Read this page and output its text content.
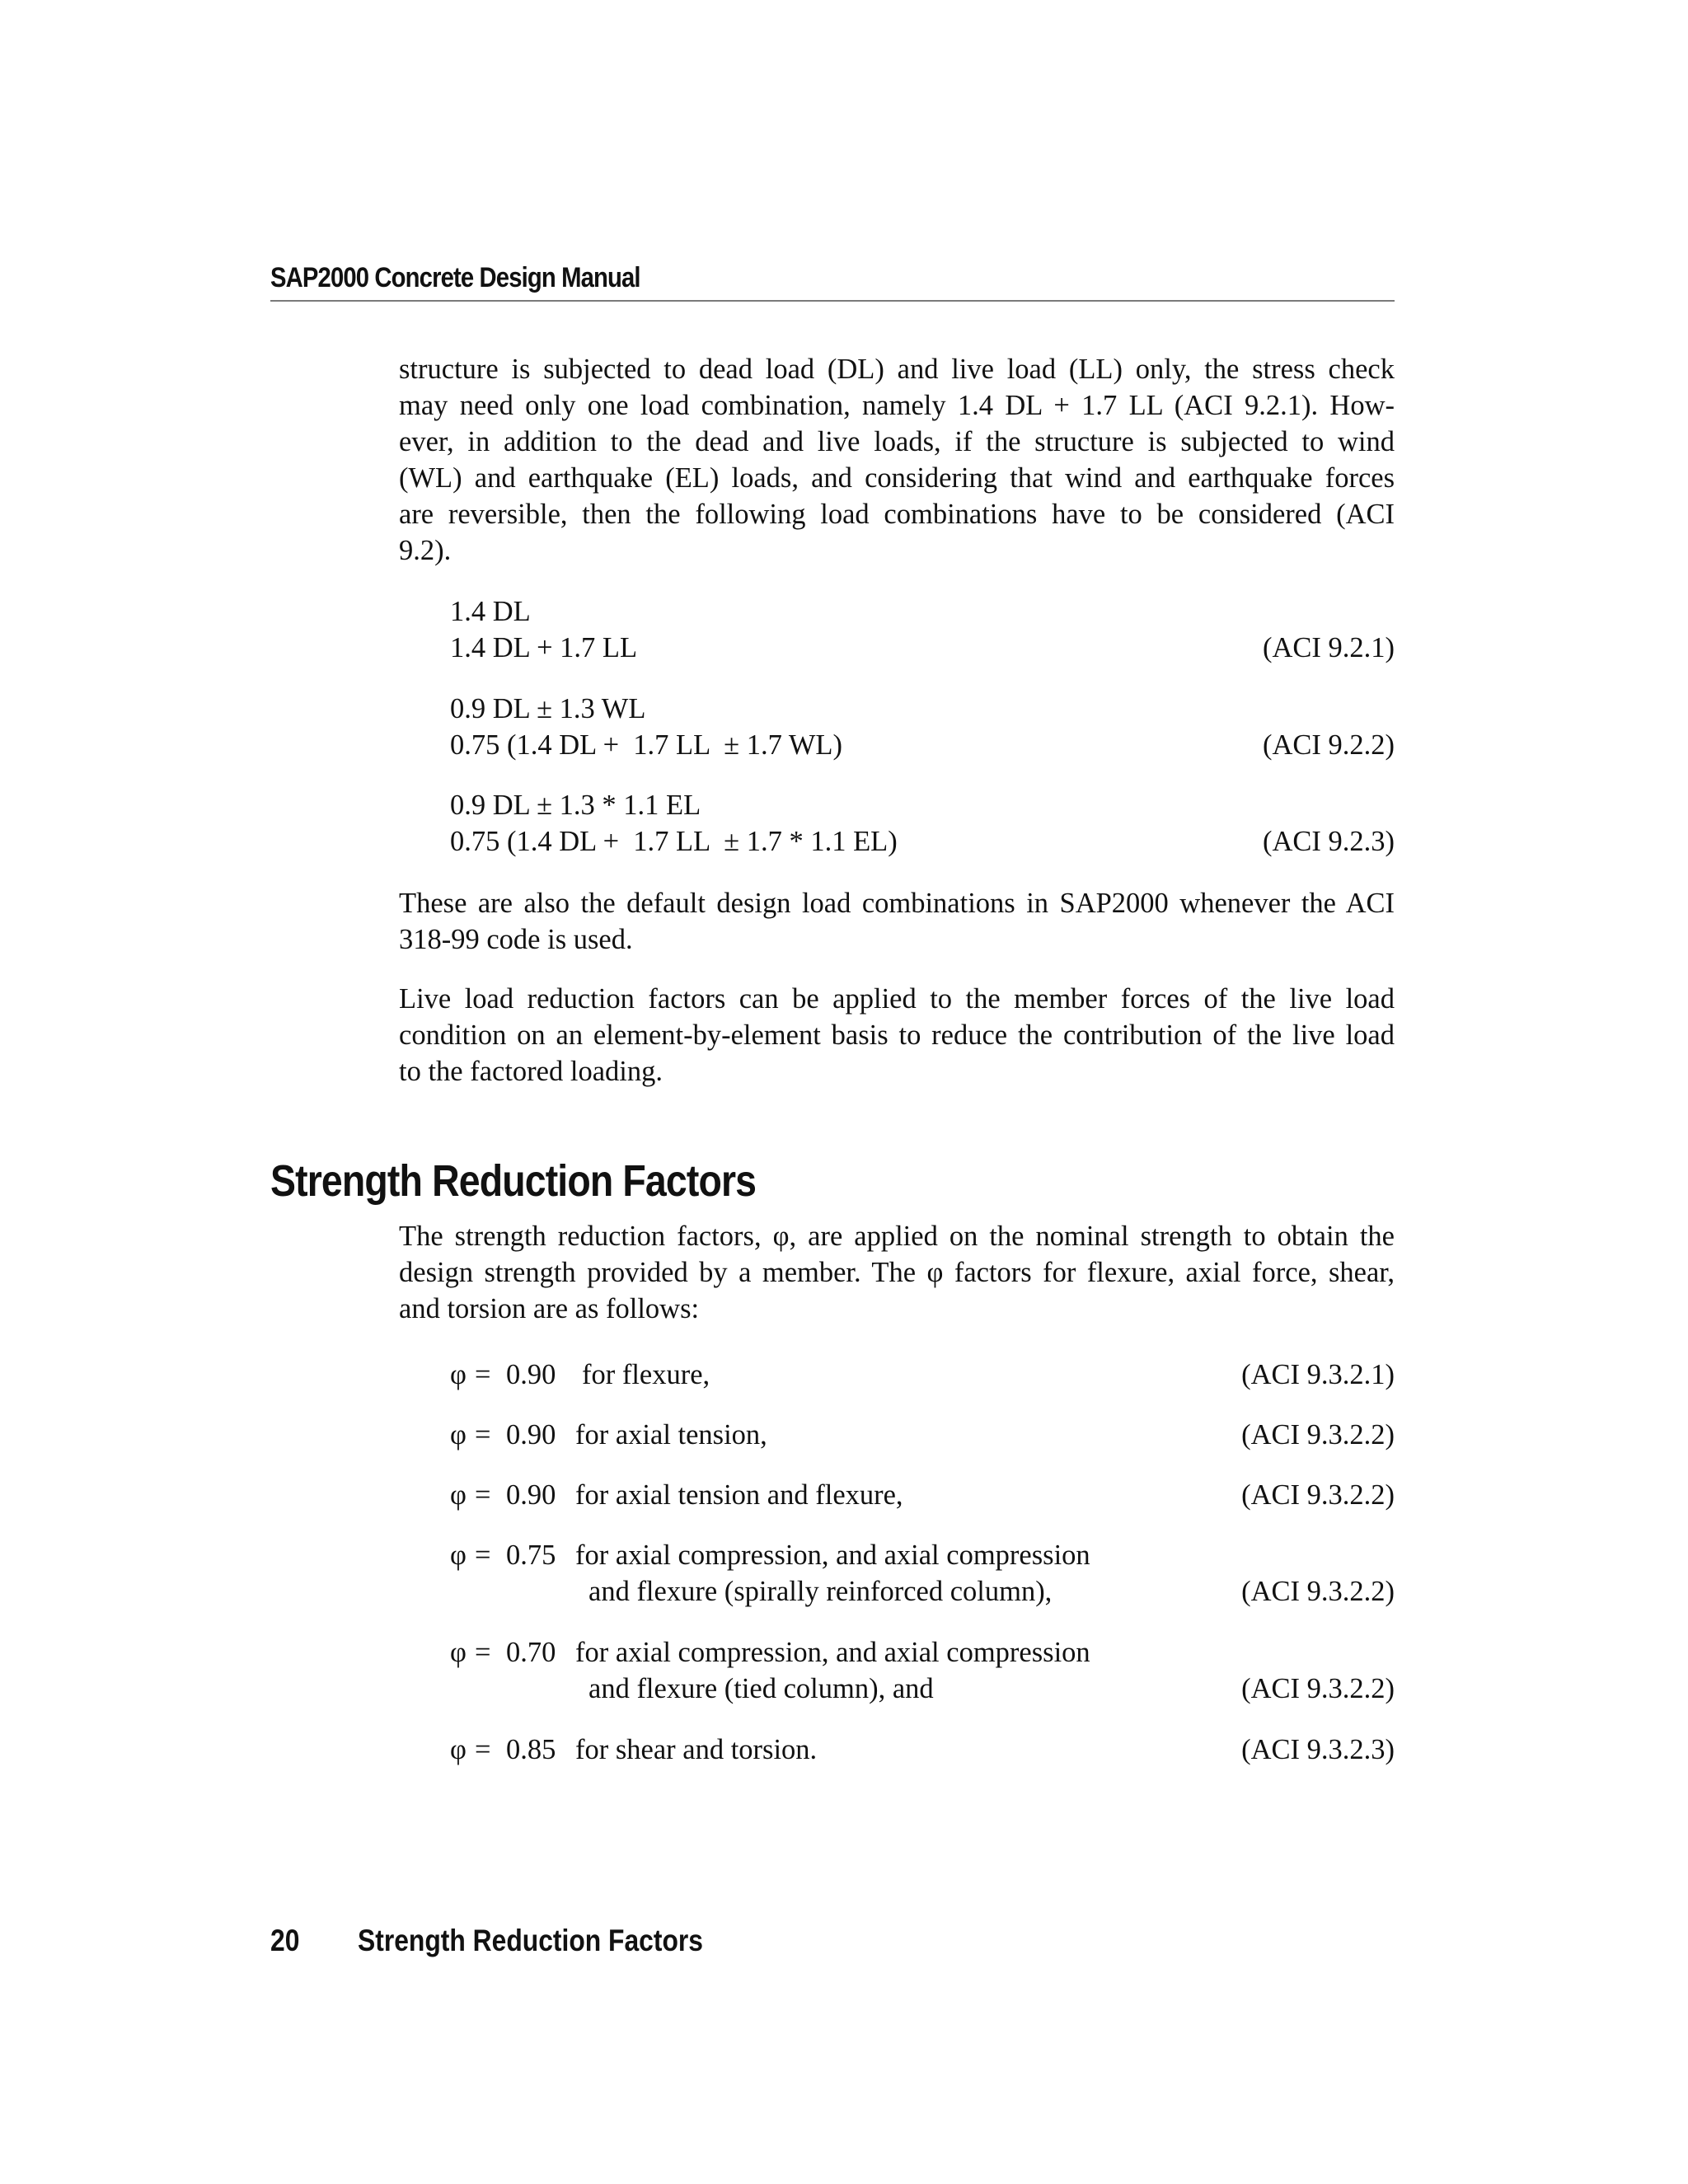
SAP2000 Concrete Design Manual
structure is subjected to dead load (DL) and live load (LL) only, the stress check
may need only one load combination, namely 1.4 DL + 1.7 LL (ACI 9.2.1). How-
ever, in addition to the dead and live loads, if the structure is subjected to wind
(WL) and earthquake (EL) loads, and considering that wind and earthquake forces
are reversible, then the following load combinations have to be considered (ACI
9.2).
1.4 DL
1.4 DL + 1.7 LL	(ACI 9.2.1)
0.9 DL ± 1.3 WL
0.75 (1.4 DL +  1.7 LL  ± 1.7 WL)	(ACI 9.2.2)
0.9 DL ± 1.3 * 1.1 EL
0.75 (1.4 DL +  1.7 LL  ± 1.7 * 1.1 EL)	(ACI 9.2.3)
These are also the default design load combinations in SAP2000 whenever the ACI
318-99 code is used.
Live load reduction factors can be applied to the member forces of the live load
condition on an element-by-element basis to reduce the contribution of the live load
to the factored loading.
Strength Reduction Factors
The strength reduction factors, φ, are applied on the nominal strength to obtain the
design strength provided by a member. The φ factors for flexure, axial force, shear,
and torsion are as follows:
φ = 0.90 for flexure,	(ACI 9.3.2.1)
φ = 0.90 for axial tension,	(ACI 9.3.2.2)
φ = 0.90 for axial tension and flexure,	(ACI 9.3.2.2)
φ = 0.75 for axial compression, and axial compression
and flexure (spirally reinforced column),	(ACI 9.3.2.2)
φ = 0.70 for axial compression, and axial compression
and flexure (tied column), and	(ACI 9.3.2.2)
φ = 0.85 for shear and torsion.	(ACI 9.3.2.3)
20 Strength Reduction Factors
